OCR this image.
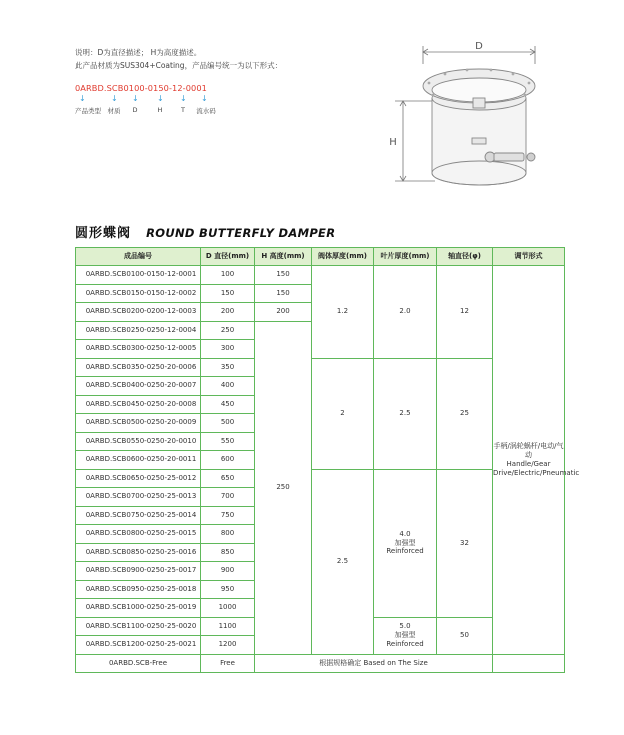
说明：D为直径描述； H为高度描述。
此产品材质为SUS304+Coating，产品编号统一为以下形式：
0ARBD.SCB0100-0150-12-0001
↓	↓ ↓ ↓ ↓ ↓
产品类型 材质 D	H	T 流水码
D
H
圆形蝶阀 ROUND BUTTERFLY DAMPER
成品编号	D 直径(mm)	H 高度(mm)	阀体厚度(mm)	叶片厚度(mm)	轴直径(φ)	调节形式
0ARBD.SCB0100-0150-12-0001	100	150	1.2	2.0	12	手柄/涡轮蜗杆/电动/气动
Handle/Gear Drive/Electric/Pneumatic

0ARBD.SCB0150-0150-12-0002	150	150				
0ARBD.SCB0200-0200-12-0003	200	200				
0ARBD.SCB0250-0250-12-0004	250	250				
0ARBD.SCB0300-0250-12-0005	300					
0ARBD.SCB0350-0250-20-0006	350		2	2.5	25	
0ARBD.SCB0400-0250-20-0007	400					
0ARBD.SCB0450-0250-20-0008	450					
0ARBD.SCB0500-0250-20-0009	500					
0ARBD.SCB0550-0250-20-0010	550					
0ARBD.SCB0600-0250-20-0011	600					
0ARBD.SCB0650-0250-25-0012	650		2.5	4.0
加强型
Reinforced	32	
0ARBD.SCB0700-0250-25-0013	700					
0ARBD.SCB0750-0250-25-0014	750					
0ARBD.SCB0800-0250-25-0015	800					
0ARBD.SCB0850-0250-25-0016	850					
0ARBD.SCB0900-0250-25-0017	900					
0ARBD.SCB0950-0250-25-0018	950					
0ARBD.SCB1000-0250-25-0019	1000					
0ARBD.SCB1100-0250-25-0020	1100			5.0
加强型
Reinforced	50	
0ARBD.SCB1200-0250-25-0021	1200					
0ARBD.SCB-Free	Free	根据规格确定 Based on The Size				
